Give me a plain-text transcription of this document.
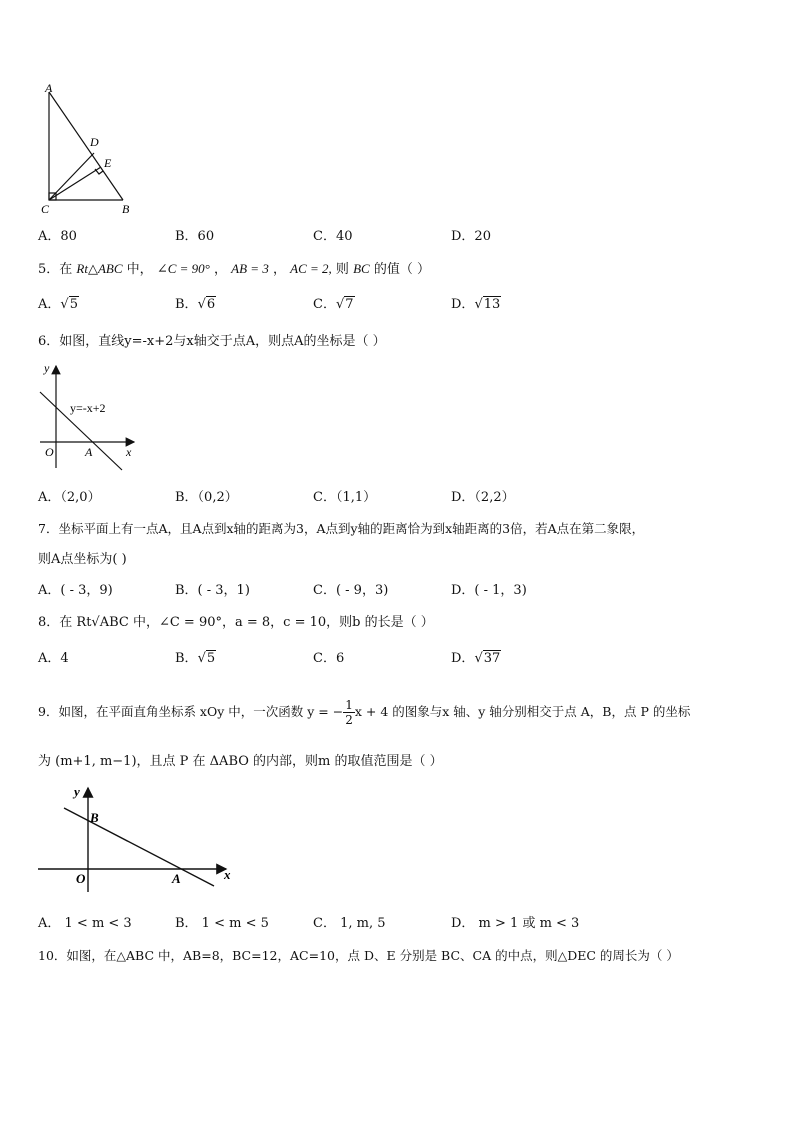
A
D
E
C	B
A．80	B．60	C．40	D．20
5．在 Rt△ABC 中， ∠C = 90° ， AB = 3 ， AC = 2, 则 BC 的值（ ）
A．√5	B．√6	C．√7	D．√13
6．如图，直线y=-x+2与x轴交于点A，则点A的坐标是（ ）
y
x
O	A
y=-x+2
A．（2,0）	B．（0,2）	C．（1,1）	D．（2,2）
7．坐标平面上有一点A，且A点到x轴的距离为3，A点到y轴的距离恰为到x轴距离的3倍，若A点在第二象限，
则A点坐标为( )
A．( - 3，9)	B．( - 3，1)	C．( - 9，3)	D．( - 1，3)
8．在 Rt√ABC 中，∠C = 90°，a = 8，c = 10，则b 的长是（ ）
A．4	B．√5	C．6	D．√37
9．如图，在平面直角坐标系 xOy 中，一次函数 y = − $\frac{1}{2}$ x + 4 的图象与x 轴、y 轴分别相交于点 A，B，点 P 的坐标
为 (m+1, m−1)，且点 P 在 ΔABO 的内部，则m 的取值范围是（ ）
y
x
O	A
B
A． 1 < m < 3	B． 1 < m < 5	C． 1, m, 5	D． m > 1 或 m < 3
10．如图，在△ABC 中，AB=8，BC=12，AC=10，点 D、E 分别是 BC、CA 的中点，则△DEC 的周长为（ ）
